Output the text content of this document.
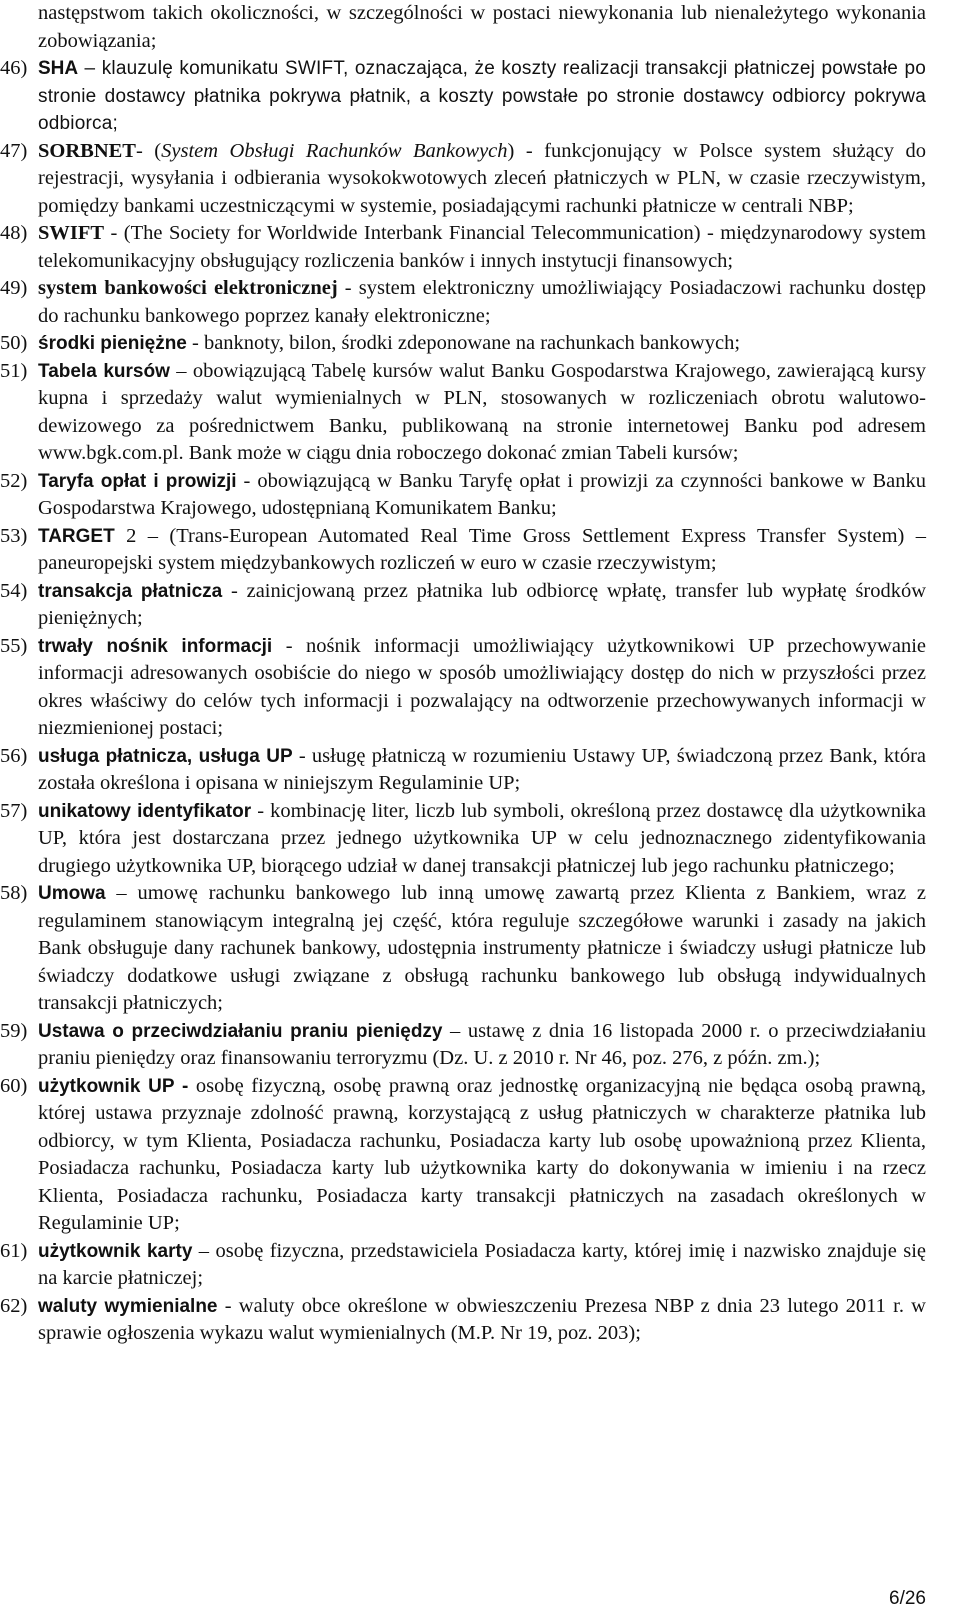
następstwom takich okoliczności, w szczególności w postaci niewykonania lub nienależytego wykonania zobowiązania;

46) SHA – klauzulę komunikatu SWIFT, oznaczająca, że koszty realizacji transakcji płatniczej powstałe po stronie dostawcy płatnika pokrywa płatnik, a koszty powstałe po stronie dostawcy odbiorcy pokrywa odbiorca;
47) SORBNET- (System Obsługi Rachunków Bankowych) - funkcjonujący w Polsce system służący do rejestracji, wysyłania i odbierania wysokokwotowych zleceń płatniczych w PLN, w czasie rzeczywistym, pomiędzy bankami uczestniczącymi w systemie, posiadającymi rachunki płatnicze w centrali NBP;
48) SWIFT - (The Society for Worldwide Interbank Financial Telecommunication) - międzynarodowy system telekomunikacyjny obsługujący rozliczenia banków i innych instytucji finansowych;
49) system bankowości elektronicznej - system elektroniczny umożliwiający Posiadaczowi rachunku dostęp do rachunku bankowego poprzez kanały elektroniczne;
50) środki pieniężne - banknoty, bilon, środki zdeponowane na rachunkach bankowych;
51) Tabela kursów – obowiązującą Tabelę kursów walut Banku Gospodarstwa Krajowego, zawierającą kursy kupna i sprzedaży walut wymienialnych w PLN, stosowanych w rozliczeniach obrotu walutowo-dewizowego za pośrednictwem Banku, publikowaną na stronie internetowej Banku pod adresem www.bgk.com.pl. Bank może w ciągu dnia roboczego dokonać zmian Tabeli kursów;
52) Taryfa opłat i prowizji - obowiązującą w Banku Taryfę opłat i prowizji za czynności bankowe w Banku Gospodarstwa Krajowego, udostępnianą Komunikatem Banku;
53) TARGET 2 – (Trans-European Automated Real Time Gross Settlement Express Transfer System) – paneuropejski system międzybankowych rozliczeń w euro w czasie rzeczywistym;
54) transakcja płatnicza - zainicjowaną przez płatnika lub odbiorcę wpłatę, transfer lub wypłatę środków pieniężnych;
55) trwały nośnik informacji - nośnik informacji umożliwiający użytkownikowi UP przechowywanie informacji adresowanych osobiście do niego w sposób umożliwiający dostęp do nich w przyszłości przez okres właściwy do celów tych informacji i pozwalający na odtworzenie przechowywanych informacji w niezmienionej postaci;
56) usługa płatnicza, usługa UP - usługę płatniczą w rozumieniu Ustawy UP, świadczoną przez Bank, która została określona i opisana w niniejszym Regulaminie UP;
57) unikatowy identyfikator - kombinację liter, liczb lub symboli, określoną przez dostawcę dla użytkownika UP, która jest dostarczana przez jednego użytkownika UP w celu jednoznacznego zidentyfikowania drugiego użytkownika UP, biorącego udział w danej transakcji płatniczej lub jego rachunku płatniczego;
58) Umowa – umowę rachunku bankowego lub inną umowę zawartą przez Klienta z Bankiem, wraz z regulaminem stanowiącym integralną jej część, która reguluje szczegółowe warunki i zasady na jakich Bank obsługuje dany rachunek bankowy, udostępnia instrumenty płatnicze i świadczy usługi płatnicze lub świadczy dodatkowe usługi związane z obsługą rachunku bankowego lub obsługą indywidualnych transakcji płatniczych;
59) Ustawa o przeciwdziałaniu praniu pieniędzy – ustawę z dnia 16 listopada 2000 r. o przeciwdziałaniu praniu pieniędzy oraz finansowaniu terroryzmu (Dz. U. z 2010 r. Nr 46, poz. 276, z późn. zm.);
60) użytkownik UP - osobę fizyczną, osobę prawną oraz jednostkę organizacyjną nie będąca osobą prawną, której ustawa przyznaje zdolność prawną, korzystającą z usług płatniczych w charakterze płatnika lub odbiorcy, w tym Klienta, Posiadacza rachunku, Posiadacza karty lub osobę upoważnioną przez Klienta, Posiadacza rachunku, Posiadacza karty lub użytkownika karty do dokonywania w imieniu i na rzecz Klienta, Posiadacza rachunku, Posiadacza karty transakcji płatniczych na zasadach określonych w Regulaminie UP;
61) użytkownik karty – osobę fizyczna, przedstawiciela Posiadacza karty, której imię i nazwisko znajduje się na karcie płatniczej;
62) waluty wymienialne - waluty obce określone w obwieszczeniu Prezesa NBP z dnia 23 lutego 2011 r. w sprawie ogłoszenia wykazu walut wymienialnych (M.P. Nr 19, poz. 203);
6/26
